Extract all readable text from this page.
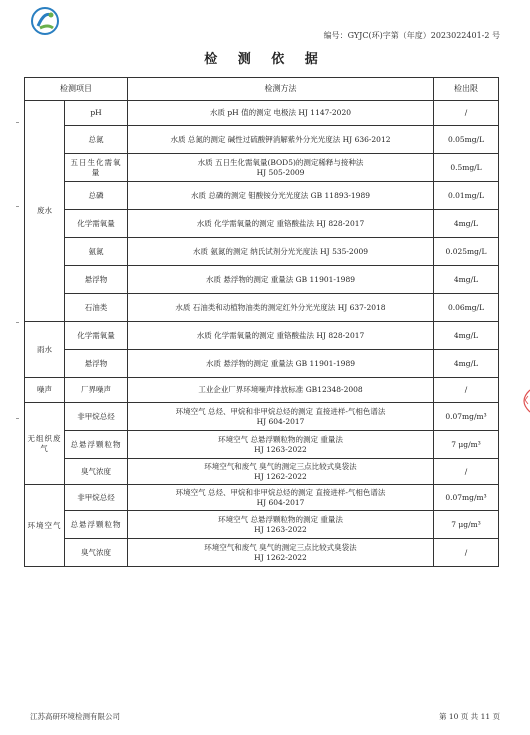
编号：GYJC(环)字第（年度）2023022401-2 号
检 测 依 据
检测项目		检测方法	检出限
废水	pH	水质 pH 值的测定 电极法 HJ 1147-2020	/
	总氮	水质 总氮的测定 碱性过硫酸钾消解紫外分光光度法 HJ 636-2012	0.05mg/L
	五日生化需氧量	水质 五日生化需氧量(BOD5)的测定稀释与接种法
HJ 505-2009	0.5mg/L
	总磷	水质 总磷的测定 钼酸铵分光光度法 GB 11893-1989	0.01mg/L
	化学需氧量	水质 化学需氧量的测定 重铬酸盐法 HJ 828-2017	4mg/L
	氨氮	水质 氨氮的测定 纳氏试剂分光光度法 HJ 535-2009	0.025mg/L
	悬浮物	水质 悬浮物的测定 重量法 GB 11901-1989	4mg/L
	石油类	水质 石油类和动植物油类的测定红外分光光度法 HJ 637-2018	0.06mg/L
雨水	化学需氧量	水质 化学需氧量的测定 重铬酸盐法 HJ 828-2017	4mg/L
	悬浮物	水质 悬浮物的测定 重量法 GB 11901-1989	4mg/L
噪声	厂界噪声	工业企业厂界环境噪声排放标准 GB12348-2008	/
无组织废气	非甲烷总烃	环境空气 总烃、甲烷和非甲烷总烃的测定 直接进样-气相色谱法
HJ 604-2017	0.07mg/m³
	总悬浮颗粒物	环境空气 总悬浮颗粒物的测定 重量法
HJ 1263-2022	7 μg/m³
	臭气浓度	环境空气和废气 臭气的测定三点比较式臭袋法
HJ 1262-2022	/
环境空气	非甲烷总烃	环境空气 总烃、甲烷和非甲烷总烃的测定 直接进样-气相色谱法
HJ 604-2017	0.07mg/m³
	总悬浮颗粒物	环境空气 总悬浮颗粒物的测定 重量法
HJ 1263-2022	7 μg/m³
	臭气浓度	环境空气和废气 臭气的测定三点比较式臭袋法
HJ 1262-2022	/
江苏高研环境检测有限公司	第 10 页 共 11 页
